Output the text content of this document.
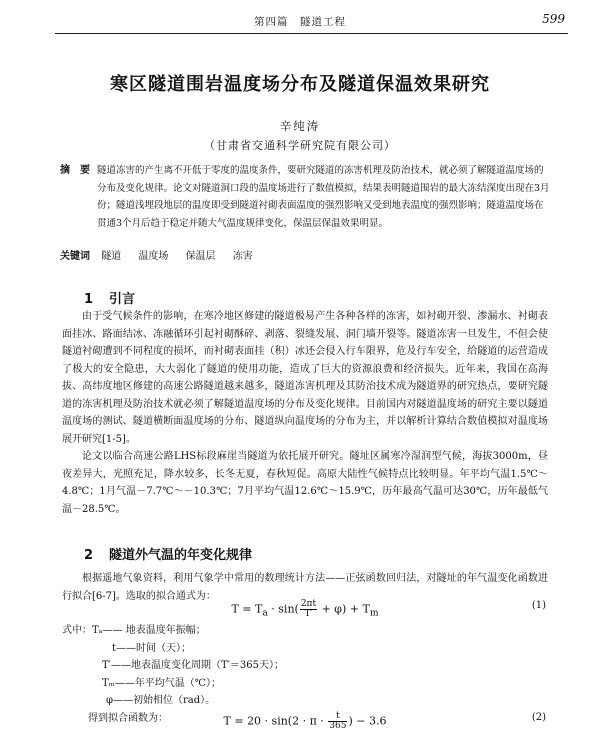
第四篇　隧道工程	599
寒区隧道围岩温度场分布及隧道保温效果研究
辛纯涛
（甘肃省交通科学研究院有限公司）
摘　要 隧道冻害的产生离不开低于零度的温度条件，要研究隧道的冻害机理及防治技术，就必须了解隧道温度场的分布及变化规律。论文对隧道洞口段的温度场进行了数值模拟，结果表明隧道围岩的最大冻结深度出现在3月份；隧道浅埋段地层的温度即受到隧道衬砌表面温度的强烈影响又受到地表温度的强烈影响；隧道温度场在贯通3个月后趋于稳定并随大气温度规律变化，保温层保温效果明显。
关键词 隧道 温度场 保温层 冻害
1 引言

由于受气候条件的影响，在寒冷地区修建的隧道极易产生各种各样的冻害，如衬砌开裂、渗漏水、衬砌表面挂冰、路面结冰、冻融循环引起衬砌酥碎、剥落、裂缝发展、洞门墙开裂等。隧道冻害一旦发生，不但会使隧道衬砌遭到不同程度的损坏，而衬砌表面挂（积）冰还会侵入行车限界，危及行车安全，给隧道的运营造成了极大的安全隐患，大大弱化了隧道的使用功能，造成了巨大的资源浪费和经济损失。近年来，我国在高海拔、高纬度地区修建的高速公路隧道越来越多，隧道冻害机理及其防治技术成为隧道界的研究热点，要研究隧道的冻害机理及防治技术就必须了解隧道温度场的分布及变化规律。目前国内对隧道温度场的研究主要以隧道温度场的测试、隧道横断面温度场的分布、隧道纵向温度场的分布为主，并以解析计算结合数值模拟对温度场展开研究[1-5]。

论文以临合高速公路LHS标段麻崖当隧道为依托展开研究。隧址区属寒冷湿润型气候，海拔3000m，昼夜差异大，光照充足，降水较多，长冬无夏，春秋短促。高原大陆性气候特点比较明显。年平均气温1.5℃～4.8℃；1月气温－7.7℃～－10.3℃；7月平均气温12.6℃～15.9℃，历年最高气温可达30℃，历年最低气温－28.5℃。

2 隧道外气温的年变化规律

根据遥地气象资料，利用气象学中常用的数理统计方法——正弦函数回归法，对隧址的年气温变化函数进行拟合[6-7]。选取的拟合通式为：

$T = T_a \cdot \sin( \frac{2\pi t}{T'} + \varphi) + T_m$
(1)
式中：Tₐ—— 地表温度年振幅；
t——时间（天）；
T′——地表温度变化周期（T′＝365天）；
Tₘ——年平均气温（℃）；
φ——初始相位（rad）。
得到拟合函数为：	$T = 20 \cdot \sin(2 \cdot \pi \cdot \frac{t}{365}$ ) − 3.6	(2)
